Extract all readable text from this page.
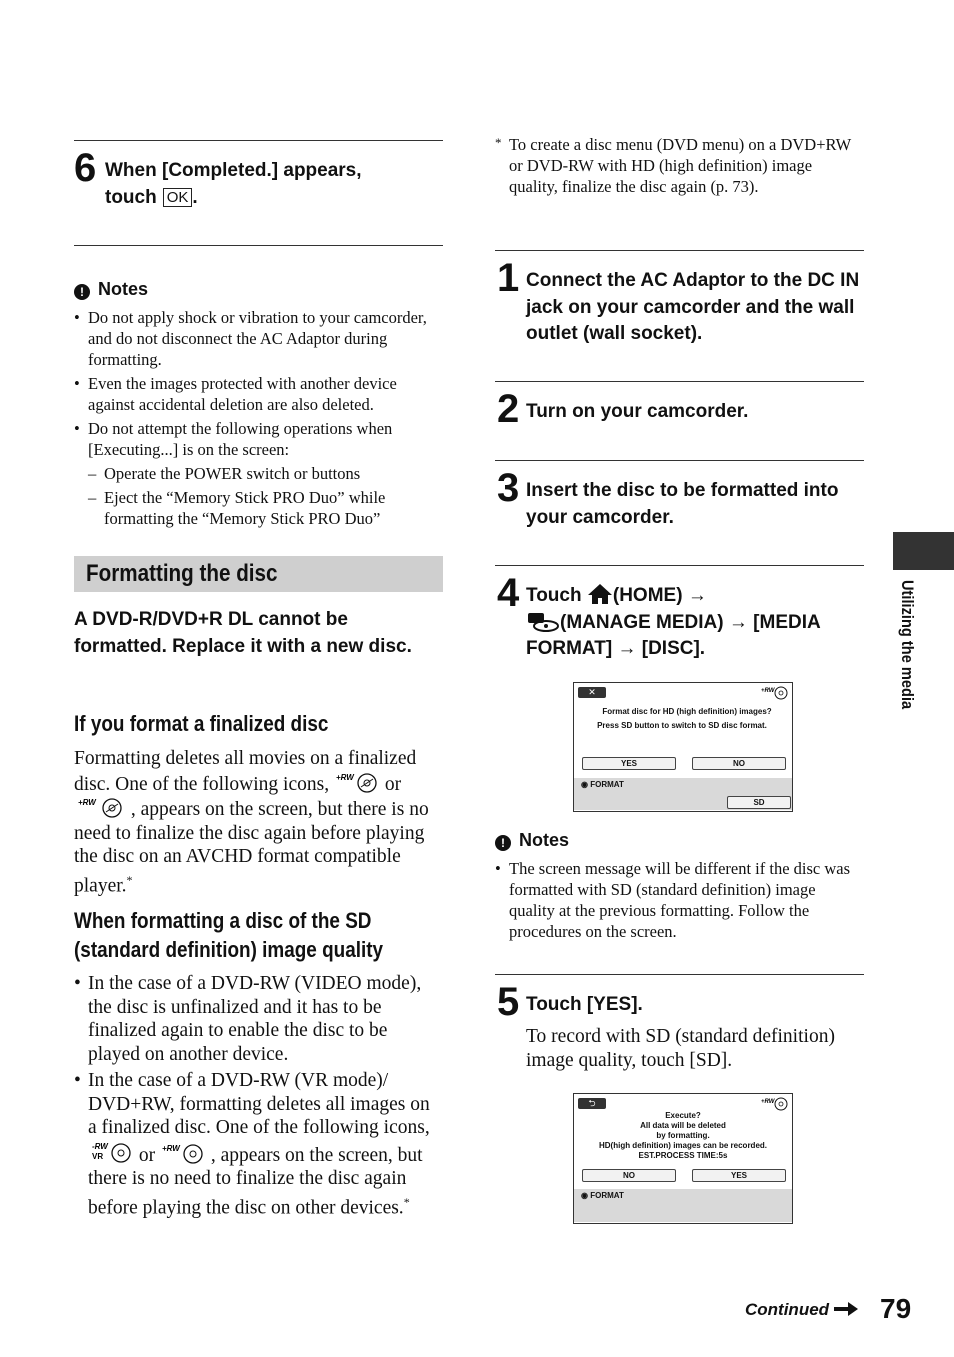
6 When [Completed.] appears,
touch OK .
! Notes
• Do not apply shock or vibration to your camcorder, and do not disconnect the AC Adaptor during formatting.
• Even the images protected with another device against accidental deletion are also deleted.
• Do not attempt the following operations when [Executing...] is on the screen:
– Operate the POWER switch or buttons
– Eject the “Memory Stick PRO Duo” while formatting the “Memory Stick PRO Duo”
Formatting the disc
A DVD-R/DVD+R DL cannot be formatted. Replace it with a new disc.
If you format a finalized disc
Formatting deletes all movies on a finalized disc. One of the following icons, +RW or

+RW , appears on the screen, but there is no need to finalize the disc again before playing the disc on an AVCHD format compatible player.*
When formatting a disc of the SD
(standard definition) image quality
• In the case of a DVD-RW (VIDEO mode), the disc is unfinalized and it has to be finalized again to enable the disc to be played on another device.
• In the case of a DVD-RW (VR mode)/ DVD+RW, formatting deletes all images on a finalized disc. One of the following icons,
-RW
VR or +RW , appears on the screen, but there is no need to finalize the disc again before playing the disc on other devices.*
* To create a disc menu (DVD menu) on a DVD+RW or DVD-RW with HD (high definition) image quality, finalize the disc again (p. 73).
1 Connect the AC Adaptor to the DC IN jack on your camcorder and the wall outlet (wall socket).
2 Turn on your camcorder.
3 Insert the disc to be formatted into your camcorder.
4 Touch (HOME) →
(MANAGE MEDIA) → [MEDIA FORMAT] → [DISC].
✕	+RW
Format disc for HD (high definition) images?
Press SD button to switch to SD disc format.
YES	NO
◉ FORMAT
SD
! Notes
• The screen message will be different if the disc was formatted with SD (standard definition) image quality at the previous formatting. Follow the procedures on the screen.
5 Touch [YES].
To record with SD (standard definition) image quality, touch [SD].
⮌	+RW
Execute?
All data will be deleted
by formatting.
HD(high definition) images can be recorded.
EST.PROCESS TIME:5s
NO	YES
◉ FORMAT
Utilizing the media
Continued	79
